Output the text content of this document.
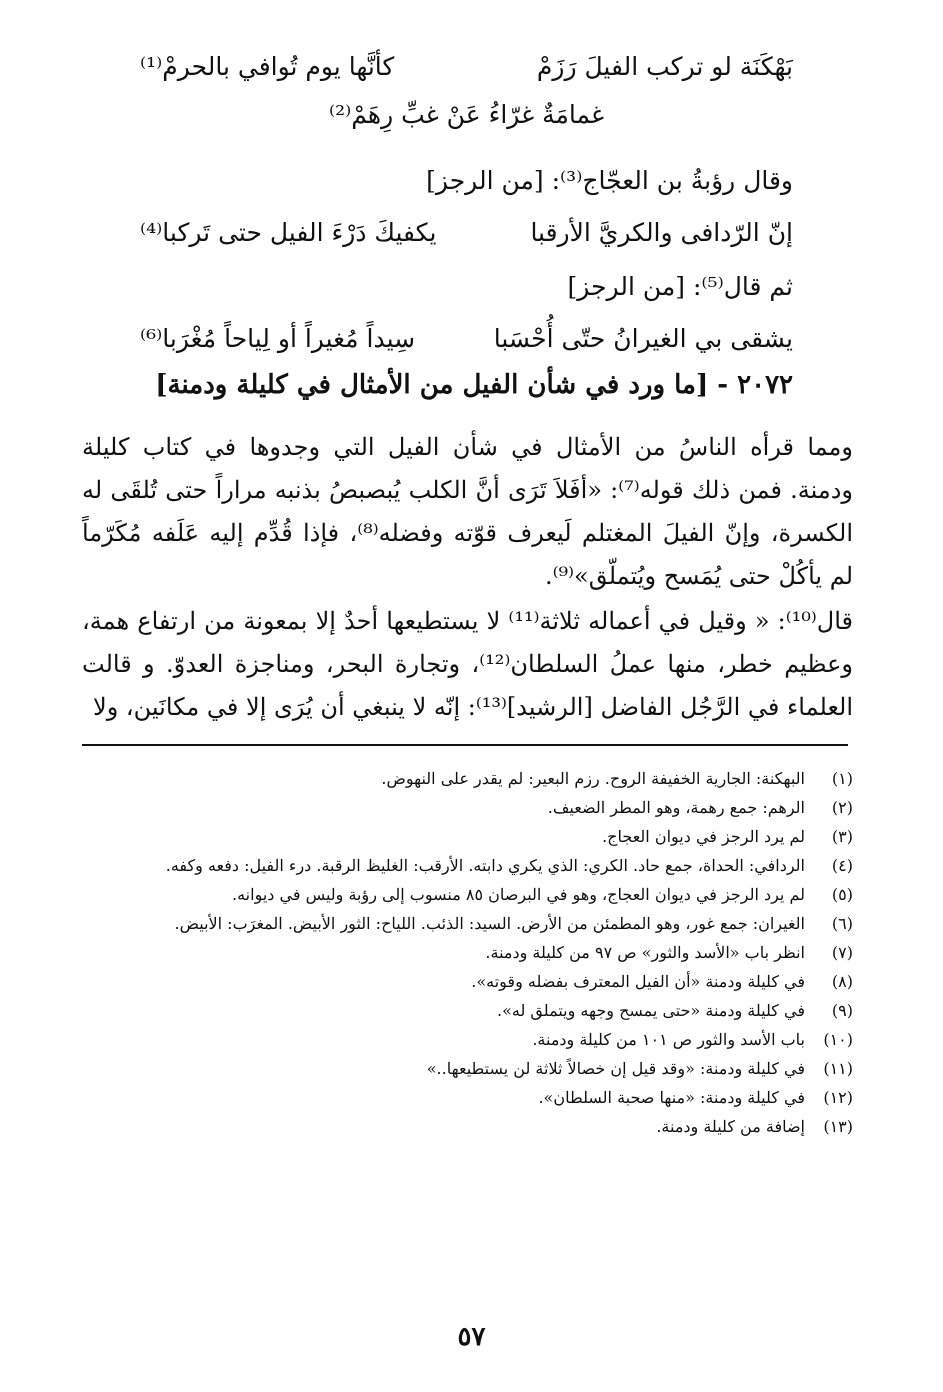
بَهْكَنَة لو تركب الفيلَ رَزَمْ
كأنَّها يوم تُوافي بالحرمْ⁽¹⁾
غمامَةٌ غرّاءُ عَنْ غبِّ رِهَمْ⁽²⁾
وقال رؤبةُ بن العجّاج⁽³⁾: [من الرجز]
إنّ الرّدافى والكريَّ الأرقبا
يكفيكَ دَرْءَ الفيل حتى تَركبا⁽⁴⁾
ثم قال⁽⁵⁾: [من الرجز]
يشقى بي الغيرانُ حتّى أُحْسَبا
سِيداً مُغيراً أو لِياحاً مُغْرَبا⁽⁶⁾
٢٠٧٢ - [ما ورد في شأن الفيل من الأمثال في كليلة ودمنة]
ومما قرأه الناسُ من الأمثال في شأن الفيل التي وجدوها في كتاب كليلة ودمنة. فمن ذلك قوله⁽⁷⁾: «أفَلاَ تَرَى أنَّ الكلب يُبصبصُ بذنبه مراراً حتى تُلقَى له الكسرة، وإنّ الفيلَ المغتلم لَيعرف قوّته وفضله⁽⁸⁾، فإذا قُدِّم إليه عَلَفه مُكَرّماً لم يأكُلْ حتى يُمَسح ويُتملّق»⁽⁹⁾.
قال⁽¹⁰⁾: « وقيل في أعماله ثلاثة⁽¹¹⁾ لا يستطيعها أحدٌ إلا بمعونة من ارتفاع همة، وعظيم خطر، منها عملُ السلطان⁽¹²⁾، وتجارة البحر، ومناجزة العدوّ. و قالت العلماء في الرَّجُل الفاضل [الرشيد]⁽¹³⁾: إنّه لا ينبغي أن يُرَى إلا في مكانَين، ولا
(١)
البهكنة: الجارية الخفيفة الروح. رزم البعير: لم يقدر على النهوض.
(٢)
الرهم: جمع رهمة، وهو المطر الضعيف.
(٣)
لم يرد الرجز في ديوان العجاج.
(٤)
الردافي: الحداة، جمع حاد. الكري: الذي يكري دابته. الأرقب: الغليظ الرقبة. درء الفيل: دفعه وكفه.
(٥)
لم يرد الرجز في ديوان العجاج، وهو في البرصان ٨٥ منسوب إلى رؤبة وليس في ديوانه.
(٦)
الغيران: جمع غور، وهو المطمئن من الأرض. السيد: الذئب. اللياح: الثور الأبيض. المغرَب: الأبيض.
(٧)
انظر باب «الأسد والثور» ص ٩٧ من كليلة ودمنة.
(٨)
في كليلة ودمنة «أن الفيل المعترف بفضله وقوته».
(٩)
في كليلة ودمنة «حتى يمسح وجهه ويتملق له».
(١٠)
باب الأسد والثور ص ١٠١ من كليلة ودمنة.
(١١)
في كليلة ودمنة: «وقد قيل إن خصالاً ثلاثة لن يستطيعها..»
(١٢)
في كليلة ودمنة: «منها صحبة السلطان».
(١٣)
إضافة من كليلة ودمنة.
٥٧
